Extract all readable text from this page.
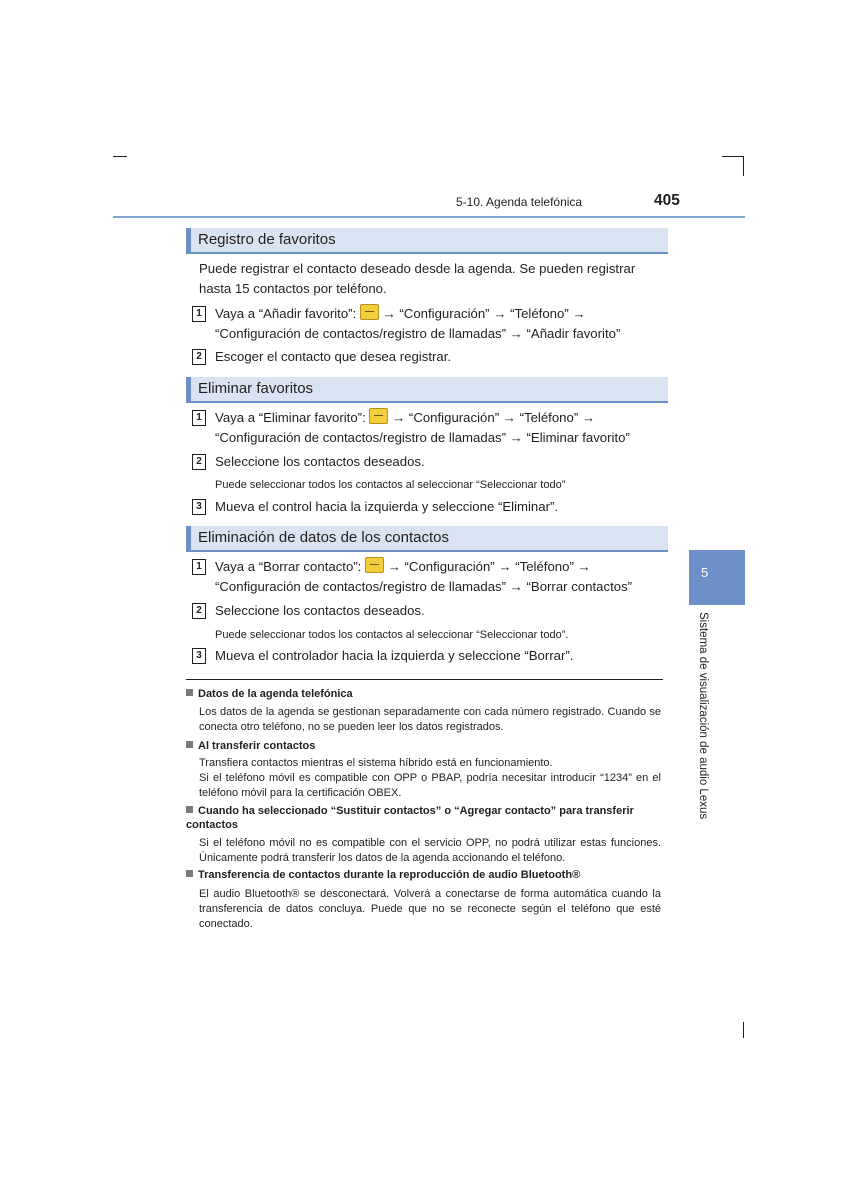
5-10. Agenda telefónica	405
5
Sistema de visualización de audio Lexus
Registro de favoritos
Puede registrar el contacto deseado desde la agenda. Se pueden registrar hasta 15 contactos por teléfono.
1	Vaya a “Añadir favorito”: → “Configuración” → “Teléfono” → “Configuración de contactos/registro de llamadas” → “Añadir favorito”
2	Escoger el contacto que desea registrar.
Eliminar favoritos
1	Vaya a “Eliminar favorito”: → “Configuración” → “Teléfono” → “Configuración de contactos/registro de llamadas” → “Eliminar favorito”
2	Seleccione los contactos deseados.
Puede seleccionar todos los contactos al seleccionar “Seleccionar todo”
3	Mueva el control hacia la izquierda y seleccione “Eliminar”.
Eliminación de datos de los contactos
1	Vaya a “Borrar contacto”: → “Configuración” → “Teléfono” → “Configuración de contactos/registro de llamadas” → “Borrar contactos”
2	Seleccione los contactos deseados.
Puede seleccionar todos los contactos al seleccionar “Seleccionar todo”.
3	Mueva el controlador hacia la izquierda y seleccione “Borrar”.
Datos de la agenda telefónica
Los datos de la agenda se gestionan separadamente con cada número registrado. Cuando se conecta otro teléfono, no se pueden leer los datos registrados.
Al transferir contactos
Transfiera contactos mientras el sistema híbrido está en funcionamiento.
Si el teléfono móvil es compatible con OPP o PBAP, podría necesitar introducir “1234” en el teléfono móvil para la certificación OBEX.
Cuando ha seleccionado “Sustituir contactos” o “Agregar contacto” para transferir contactos
Si el teléfono móvil no es compatible con el servicio OPP, no podrá utilizar estas funciones. Únicamente podrá transferir los datos de la agenda accionando el teléfono.
Transferencia de contactos durante la reproducción de audio Bluetooth®
El audio Bluetooth® se desconectará. Volverá a conectarse de forma automática cuando la transferencia de datos concluya. Puede que no se reconecte según el teléfono que esté conectado.
